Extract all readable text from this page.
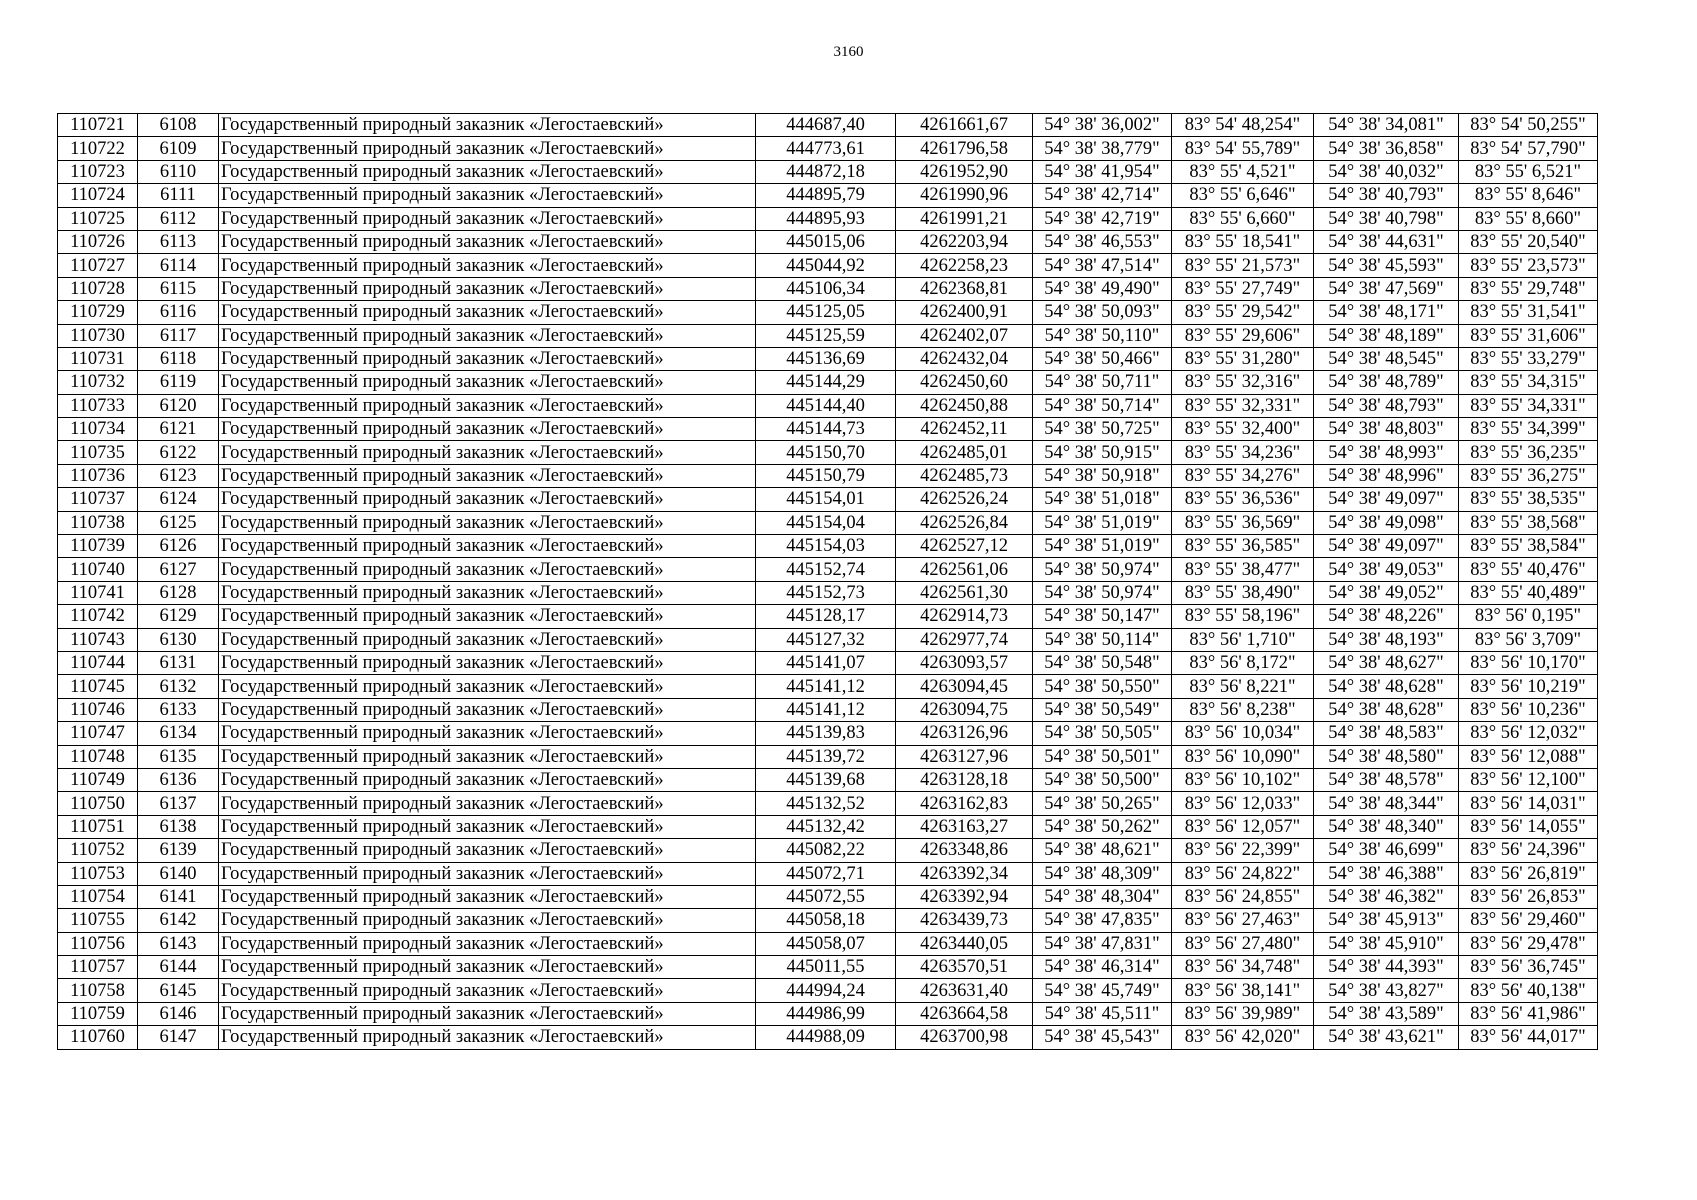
3160
110721	6108	Государственный природный заказник «Легостаевский»	444687,40	4261661,67	54° 38' 36,002"	83° 54' 48,254"	54° 38' 34,081"	83° 54' 50,255"
110722	6109	Государственный природный заказник «Легостаевский»	444773,61	4261796,58	54° 38' 38,779"	83° 54' 55,789"	54° 38' 36,858"	83° 54' 57,790"
110723	6110	Государственный природный заказник «Легостаевский»	444872,18	4261952,90	54° 38' 41,954"	83° 55' 4,521"	54° 38' 40,032"	83° 55' 6,521"
110724	6111	Государственный природный заказник «Легостаевский»	444895,79	4261990,96	54° 38' 42,714"	83° 55' 6,646"	54° 38' 40,793"	83° 55' 8,646"
110725	6112	Государственный природный заказник «Легостаевский»	444895,93	4261991,21	54° 38' 42,719"	83° 55' 6,660"	54° 38' 40,798"	83° 55' 8,660"
110726	6113	Государственный природный заказник «Легостаевский»	445015,06	4262203,94	54° 38' 46,553"	83° 55' 18,541"	54° 38' 44,631"	83° 55' 20,540"
110727	6114	Государственный природный заказник «Легостаевский»	445044,92	4262258,23	54° 38' 47,514"	83° 55' 21,573"	54° 38' 45,593"	83° 55' 23,573"
110728	6115	Государственный природный заказник «Легостаевский»	445106,34	4262368,81	54° 38' 49,490"	83° 55' 27,749"	54° 38' 47,569"	83° 55' 29,748"
110729	6116	Государственный природный заказник «Легостаевский»	445125,05	4262400,91	54° 38' 50,093"	83° 55' 29,542"	54° 38' 48,171"	83° 55' 31,541"
110730	6117	Государственный природный заказник «Легостаевский»	445125,59	4262402,07	54° 38' 50,110"	83° 55' 29,606"	54° 38' 48,189"	83° 55' 31,606"
110731	6118	Государственный природный заказник «Легостаевский»	445136,69	4262432,04	54° 38' 50,466"	83° 55' 31,280"	54° 38' 48,545"	83° 55' 33,279"
110732	6119	Государственный природный заказник «Легостаевский»	445144,29	4262450,60	54° 38' 50,711"	83° 55' 32,316"	54° 38' 48,789"	83° 55' 34,315"
110733	6120	Государственный природный заказник «Легостаевский»	445144,40	4262450,88	54° 38' 50,714"	83° 55' 32,331"	54° 38' 48,793"	83° 55' 34,331"
110734	6121	Государственный природный заказник «Легостаевский»	445144,73	4262452,11	54° 38' 50,725"	83° 55' 32,400"	54° 38' 48,803"	83° 55' 34,399"
110735	6122	Государственный природный заказник «Легостаевский»	445150,70	4262485,01	54° 38' 50,915"	83° 55' 34,236"	54° 38' 48,993"	83° 55' 36,235"
110736	6123	Государственный природный заказник «Легостаевский»	445150,79	4262485,73	54° 38' 50,918"	83° 55' 34,276"	54° 38' 48,996"	83° 55' 36,275"
110737	6124	Государственный природный заказник «Легостаевский»	445154,01	4262526,24	54° 38' 51,018"	83° 55' 36,536"	54° 38' 49,097"	83° 55' 38,535"
110738	6125	Государственный природный заказник «Легостаевский»	445154,04	4262526,84	54° 38' 51,019"	83° 55' 36,569"	54° 38' 49,098"	83° 55' 38,568"
110739	6126	Государственный природный заказник «Легостаевский»	445154,03	4262527,12	54° 38' 51,019"	83° 55' 36,585"	54° 38' 49,097"	83° 55' 38,584"
110740	6127	Государственный природный заказник «Легостаевский»	445152,74	4262561,06	54° 38' 50,974"	83° 55' 38,477"	54° 38' 49,053"	83° 55' 40,476"
110741	6128	Государственный природный заказник «Легостаевский»	445152,73	4262561,30	54° 38' 50,974"	83° 55' 38,490"	54° 38' 49,052"	83° 55' 40,489"
110742	6129	Государственный природный заказник «Легостаевский»	445128,17	4262914,73	54° 38' 50,147"	83° 55' 58,196"	54° 38' 48,226"	83° 56' 0,195"
110743	6130	Государственный природный заказник «Легостаевский»	445127,32	4262977,74	54° 38' 50,114"	83° 56' 1,710"	54° 38' 48,193"	83° 56' 3,709"
110744	6131	Государственный природный заказник «Легостаевский»	445141,07	4263093,57	54° 38' 50,548"	83° 56' 8,172"	54° 38' 48,627"	83° 56' 10,170"
110745	6132	Государственный природный заказник «Легостаевский»	445141,12	4263094,45	54° 38' 50,550"	83° 56' 8,221"	54° 38' 48,628"	83° 56' 10,219"
110746	6133	Государственный природный заказник «Легостаевский»	445141,12	4263094,75	54° 38' 50,549"	83° 56' 8,238"	54° 38' 48,628"	83° 56' 10,236"
110747	6134	Государственный природный заказник «Легостаевский»	445139,83	4263126,96	54° 38' 50,505"	83° 56' 10,034"	54° 38' 48,583"	83° 56' 12,032"
110748	6135	Государственный природный заказник «Легостаевский»	445139,72	4263127,96	54° 38' 50,501"	83° 56' 10,090"	54° 38' 48,580"	83° 56' 12,088"
110749	6136	Государственный природный заказник «Легостаевский»	445139,68	4263128,18	54° 38' 50,500"	83° 56' 10,102"	54° 38' 48,578"	83° 56' 12,100"
110750	6137	Государственный природный заказник «Легостаевский»	445132,52	4263162,83	54° 38' 50,265"	83° 56' 12,033"	54° 38' 48,344"	83° 56' 14,031"
110751	6138	Государственный природный заказник «Легостаевский»	445132,42	4263163,27	54° 38' 50,262"	83° 56' 12,057"	54° 38' 48,340"	83° 56' 14,055"
110752	6139	Государственный природный заказник «Легостаевский»	445082,22	4263348,86	54° 38' 48,621"	83° 56' 22,399"	54° 38' 46,699"	83° 56' 24,396"
110753	6140	Государственный природный заказник «Легостаевский»	445072,71	4263392,34	54° 38' 48,309"	83° 56' 24,822"	54° 38' 46,388"	83° 56' 26,819"
110754	6141	Государственный природный заказник «Легостаевский»	445072,55	4263392,94	54° 38' 48,304"	83° 56' 24,855"	54° 38' 46,382"	83° 56' 26,853"
110755	6142	Государственный природный заказник «Легостаевский»	445058,18	4263439,73	54° 38' 47,835"	83° 56' 27,463"	54° 38' 45,913"	83° 56' 29,460"
110756	6143	Государственный природный заказник «Легостаевский»	445058,07	4263440,05	54° 38' 47,831"	83° 56' 27,480"	54° 38' 45,910"	83° 56' 29,478"
110757	6144	Государственный природный заказник «Легостаевский»	445011,55	4263570,51	54° 38' 46,314"	83° 56' 34,748"	54° 38' 44,393"	83° 56' 36,745"
110758	6145	Государственный природный заказник «Легостаевский»	444994,24	4263631,40	54° 38' 45,749"	83° 56' 38,141"	54° 38' 43,827"	83° 56' 40,138"
110759	6146	Государственный природный заказник «Легостаевский»	444986,99	4263664,58	54° 38' 45,511"	83° 56' 39,989"	54° 38' 43,589"	83° 56' 41,986"
110760	6147	Государственный природный заказник «Легостаевский»	444988,09	4263700,98	54° 38' 45,543"	83° 56' 42,020"	54° 38' 43,621"	83° 56' 44,017"
